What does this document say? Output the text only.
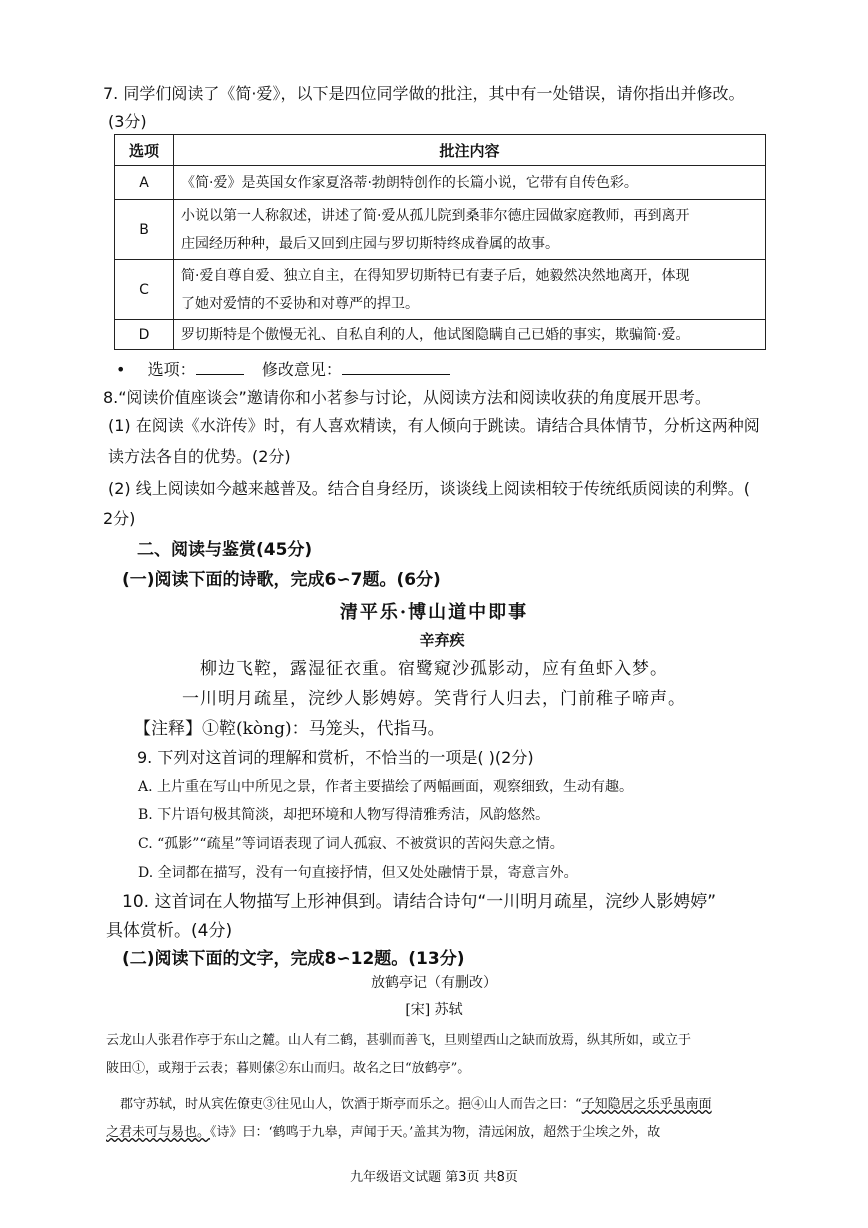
7. 同学们阅读了《简·爱》，以下是四位同学做的批注，其中有一处错误，请你指出并修改。
(3分)
选项	批注内容
A	《简·爱》是英国女作家夏洛蒂·勃朗特创作的长篇小说，它带有自传色彩。

B	小说以第一人称叙述，讲述了简·爱从孤儿院到桑菲尔德庄园做家庭教师，再到离开
庄园经历种种，最后又回到庄园与罗切斯特终成眷属的故事。

C	简·爱自尊自爱、独立自主，在得知罗切斯特已有妻子后，她毅然决然地离开，体现
了她对爱情的不妥协和对尊严的捍卫。

D	罗切斯特是个傲慢无礼、自私自利的人，他试图隐瞒自己已婚的事实，欺骗简·爱。
• 选项：	修改意见：
8.“阅读价值座谈会”邀请你和小茗参与讨论，从阅读方法和阅读收获的角度展开思考。
(1) 在阅读《水浒传》时，有人喜欢精读，有人倾向于跳读。请结合具体情节，分析这两种阅
读方法各自的优势。(2分)
(2) 线上阅读如今越来越普及。结合自身经历，谈谈线上阅读相较于传统纸质阅读的利弊。(
2分)
二、阅读与鉴赏(45分)
(一)阅读下面的诗歌，完成6∽7题。(6分)
清平乐·博山道中即事
辛弃疾
柳边飞鞚，露湿征衣重。宿鹭窥沙孤影动，应有鱼虾入梦。
一川明月疏星，浣纱人影娉婷。笑背行人归去，门前稚子啼声。
【注释】①鞚(kòng)：马笼头，代指马。
9. 下列对这首词的理解和赏析，不恰当的一项是( )(2分)
A. 上片重在写山中所见之景，作者主要描绘了两幅画面，观察细致，生动有趣。
B. 下片语句极其简淡，却把环境和人物写得清雅秀洁，风韵悠然。
C. “孤影”“疏星”等词语表现了词人孤寂、不被赏识的苦闷失意之情。
D. 全词都在描写，没有一句直接抒情，但又处处融情于景，寄意言外。
10. 这首词在人物描写上形神俱到。请结合诗句“一川明月疏星，浣纱人影娉婷”
具体赏析。(4分)
(二)阅读下面的文字，完成8∽12题。(13分)
放鹤亭记（有删改）
[宋] 苏轼
云龙山人张君作亭于东山之麓。山人有二鹤，甚驯而善飞，旦则望西山之缺而放焉，纵其所如，或立于
陂田①，或翔于云表；暮则傃②东山而归。故名之曰“放鹤亭”。
郡守苏轼，时从宾佐僚吏③往见山人，饮酒于斯亭而乐之。挹④山人而告之曰：“子知隐居之乐乎虽南面
之君未可与易也。《诗》曰：‘鹤鸣于九皋，声闻于天。’盖其为物，清远闲放，超然于尘埃之外，故
九年级语文试题 第3页 共8页
